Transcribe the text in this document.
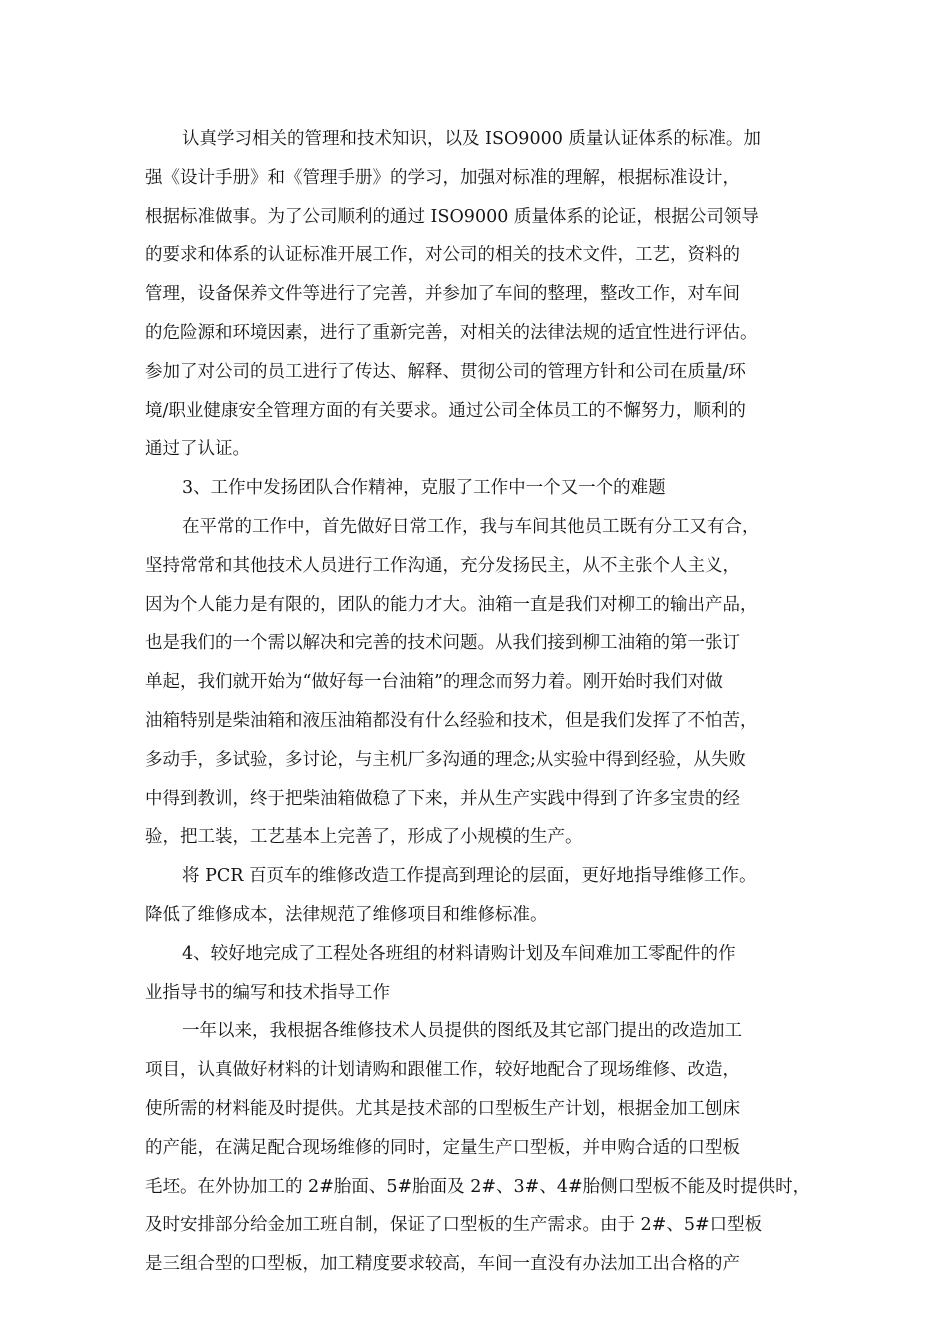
认真学习相关的管理和技术知识，以及 ISO9000 质量认证体系的标准。加
强《设计手册》和《管理手册》的学习，加强对标准的理解，根据标准设计，
根据标准做事。为了公司顺利的通过 ISO9000 质量体系的论证，根据公司领导
的要求和体系的认证标准开展工作，对公司的相关的技术文件，工艺，资料的
管理，设备保养文件等进行了完善，并参加了车间的整理，整改工作，对车间
的危险源和环境因素，进行了重新完善，对相关的法律法规的适宜性进行评估。
参加了对公司的员工进行了传达、解释、贯彻公司的管理方针和公司在质量/环
境/职业健康安全管理方面的有关要求。通过公司全体员工的不懈努力，顺利的
通过了认证。
3、工作中发扬团队合作精神，克服了工作中一个又一个的难题
在平常的工作中，首先做好日常工作，我与车间其他员工既有分工又有合，
坚持常常和其他技术人员进行工作沟通，充分发扬民主，从不主张个人主义，
因为个人能力是有限的，团队的能力才大。油箱一直是我们对柳工的输出产品，
也是我们的一个需以解决和完善的技术问题。从我们接到柳工油箱的第一张订
单起，我们就开始为“做好每一台油箱”的理念而努力着。刚开始时我们对做
油箱特别是柴油箱和液压油箱都没有什么经验和技术，但是我们发挥了不怕苦，
多动手，多试验，多讨论，与主机厂多沟通的理念;从实验中得到经验，从失败
中得到教训，终于把柴油箱做稳了下来，并从生产实践中得到了许多宝贵的经
验，把工装，工艺基本上完善了，形成了小规模的生产。
将 PCR 百页车的维修改造工作提高到理论的层面，更好地指导维修工作。
降低了维修成本，法律规范了维修项目和维修标准。
4、较好地完成了工程处各班组的材料请购计划及车间难加工零配件的作
业指导书的编写和技术指导工作
一年以来，我根据各维修技术人员提供的图纸及其它部门提出的改造加工
项目，认真做好材料的计划请购和跟催工作，较好地配合了现场维修、改造，
使所需的材料能及时提供。尤其是技术部的口型板生产计划，根据金加工刨床
的产能，在满足配合现场维修的同时，定量生产口型板，并申购合适的口型板
毛坯。在外协加工的 2#胎面、5#胎面及 2#、3#、4#胎侧口型板不能及时提供时，
及时安排部分给金加工班自制，保证了口型板的生产需求。由于 2#、5#口型板
是三组合型的口型板，加工精度要求较高，车间一直没有办法加工出合格的产
